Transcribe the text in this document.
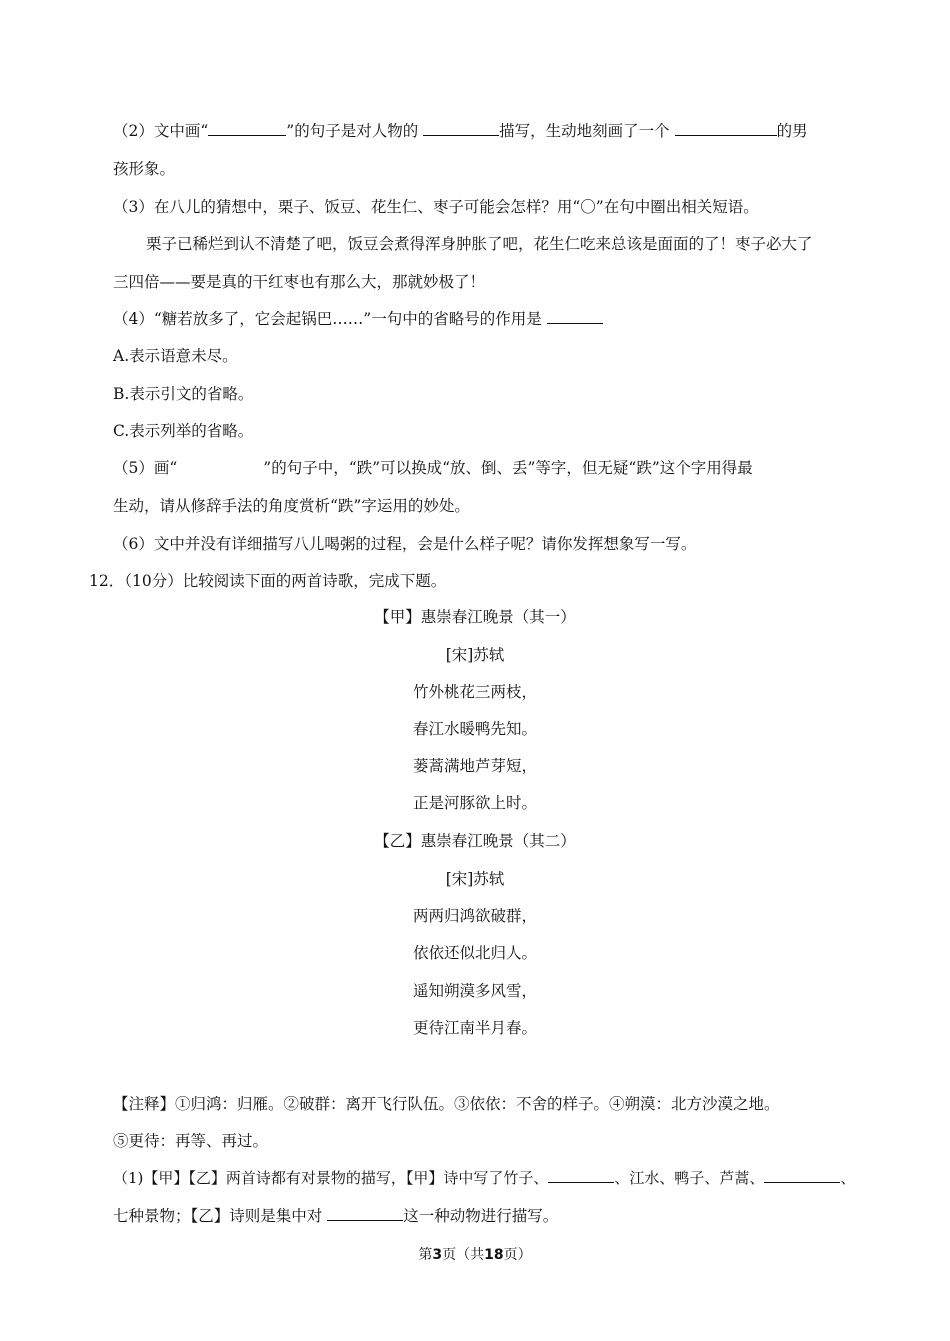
（2）文中画“	”的句子是对人物的	描写，生动地刻画了一个	的男
孩形象。
（3）在八儿的猜想中，栗子、饭豆、花生仁、枣子可能会怎样？用“〇”在句中圈出相关短语。
栗子已稀烂到认不清楚了吧，饭豆会煮得浑身肿胀了吧，花生仁吃来总该是面面的了！枣子必大了
三四倍——要是真的干红枣也有那么大，那就妙极了！
（4）“糖若放多了，它会起锅巴……”一句中的省略号的作用是
A.表示语意未尽。
B.表示引文的省略。
C.表示列举的省略。
（5）画“	”的句子中，“跌”可以换成“放、倒、丢”等字，但无疑“跌”这个字用得最
生动，请从修辞手法的角度赏析“跌”字运用的妙处。
（6）文中并没有详细描写八儿喝粥的过程，会是什么样子呢？请你发挥想象写一写。
12．（10分）比较阅读下面的两首诗歌，完成下题。
【甲】惠崇春江晚景（其一）
[宋]苏轼
竹外桃花三两枝，
春江水暖鸭先知。
蒌蒿满地芦芽短，
正是河豚欲上时。
【乙】惠崇春江晚景（其二）
[宋]苏轼
两两归鸿欲破群，
依依还似北归人。
遥知朔漠多风雪，
更待江南半月春。
【注释】①归鸿：归雁。②破群：离开飞行队伍。③依依：不舍的样子。④朔漠：北方沙漠之地。
⑤更待：再等、再过。
（1)【甲】【乙】两首诗都有对景物的描写，【甲】诗中写了竹子、	、江水、鸭子、芦蒿、	、
七种景物；【乙】诗则是集中对	这一种动物进行描写。
第3页（共18页）
